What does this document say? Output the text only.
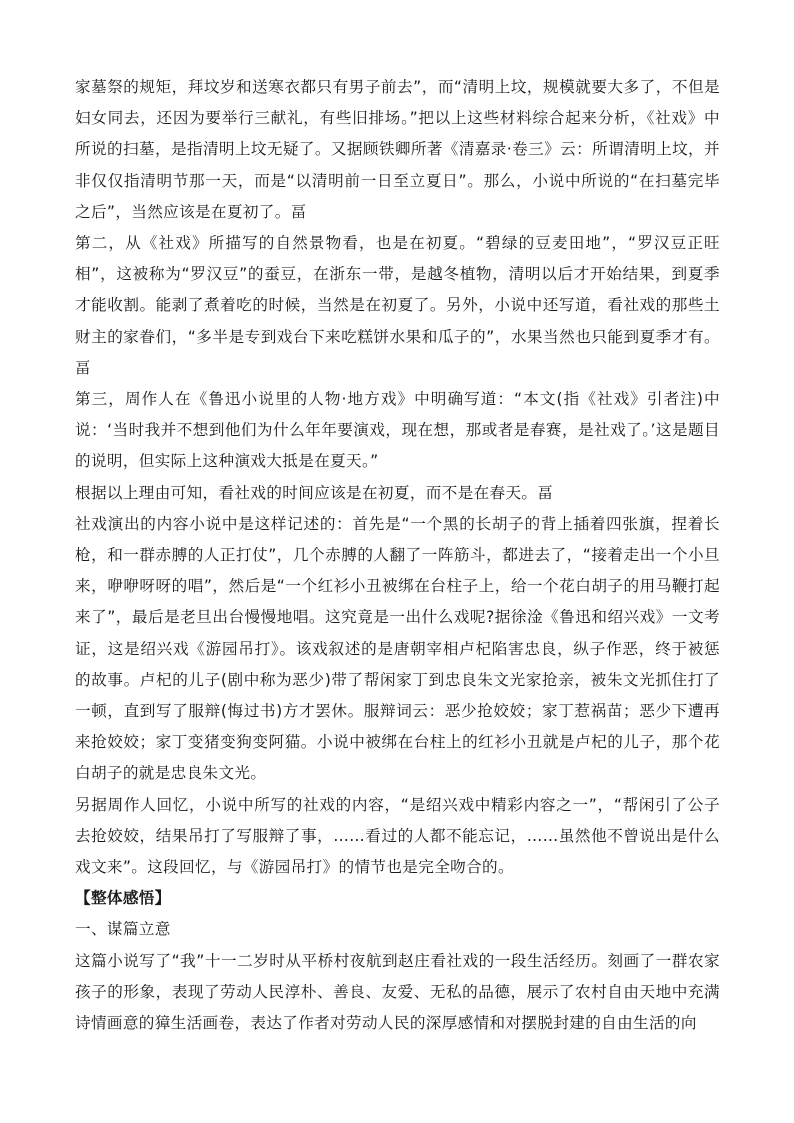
家墓祭的规矩，拜坟岁和送寒衣都只有男子前去”，而“清明上坟，规模就要大多了，不但是妇女同去，还因为要举行三献礼，有些旧排场。”把以上这些材料综合起来分析，《社戏》中所说的扫墓，是指清明上坟无疑了。又据顾铁卿所著《清嘉录·卷三》云：所谓清明上坟，并非仅仅指清明节那一天，而是“以清明前一日至立夏日”。那么，小说中所说的“在扫墓完毕之后”，当然应该是在夏初了。畐

第二，从《社戏》所描写的自然景物看，也是在初夏。“碧绿的豆麦田地”，“罗汉豆正旺相”，这被称为“罗汉豆”的蚕豆，在浙东一带，是越冬植物，清明以后才开始结果，到夏季才能收割。能剥了煮着吃的时候，当然是在初夏了。另外，小说中还写道，看社戏的那些土财主的家眷们，“多半是专到戏台下来吃糕饼水果和瓜子的”，水果当然也只能到夏季才有。畐

第三，周作人在《鲁迅小说里的人物·地方戏》中明确写道：“本文(指《社戏》引者注)中说：‘当时我并不想到他们为什么年年要演戏，现在想，那或者是春赛，是社戏了。’这是题目的说明，但实际上这种演戏大抵是在夏天。”

根据以上理由可知，看社戏的时间应该是在初夏，而不是在春天。畐

社戏演出的内容小说中是这样记述的：首先是“一个黑的长胡子的背上插着四张旗，捏着长枪，和一群赤膊的人正打仗”，几个赤膊的人翻了一阵筋斗，都进去了，“接着走出一个小旦来，咿咿呀呀的唱”，然后是“一个红衫小丑被绑在台柱子上，给一个花白胡子的用马鞭打起来了”，最后是老旦出台慢慢地唱。这究竟是一出什么戏呢?据徐淦《鲁迅和绍兴戏》一文考证，这是绍兴戏《游园吊打》。该戏叙述的是唐朝宰相卢杞陷害忠良，纵子作恶，终于被惩的故事。卢杞的儿子(剧中称为恶少)带了帮闲家丁到忠良朱文光家抢亲，被朱文光抓住打了一顿，直到写了服辩(悔过书)方才罢休。服辩词云：恶少抢姣姣；家丁惹祸苗；恶少下遭再来抢姣姣；家丁变猪变狗变阿猫。小说中被绑在台柱上的红衫小丑就是卢杞的儿子，那个花白胡子的就是忠良朱文光。

另据周作人回忆，小说中所写的社戏的内容，“是绍兴戏中精彩内容之一”，“帮闲引了公子去抢姣姣，结果吊打了写服辩了事，……看过的人都不能忘记，……虽然他不曾说出是什么戏文来”。这段回忆，与《游园吊打》的情节也是完全吻合的。

【整体感悟】

一、谋篇立意

这篇小说写了“我”十一二岁时从平桥村夜航到赵庄看社戏的一段生活经历。刻画了一群农家孩子的形象，表现了劳动人民淳朴、善良、友爱、无私的品德，展示了农村自由天地中充满诗情画意的獐生活画卷，表达了作者对劳动人民的深厚感情和对摆脱封建的自由生活的向
